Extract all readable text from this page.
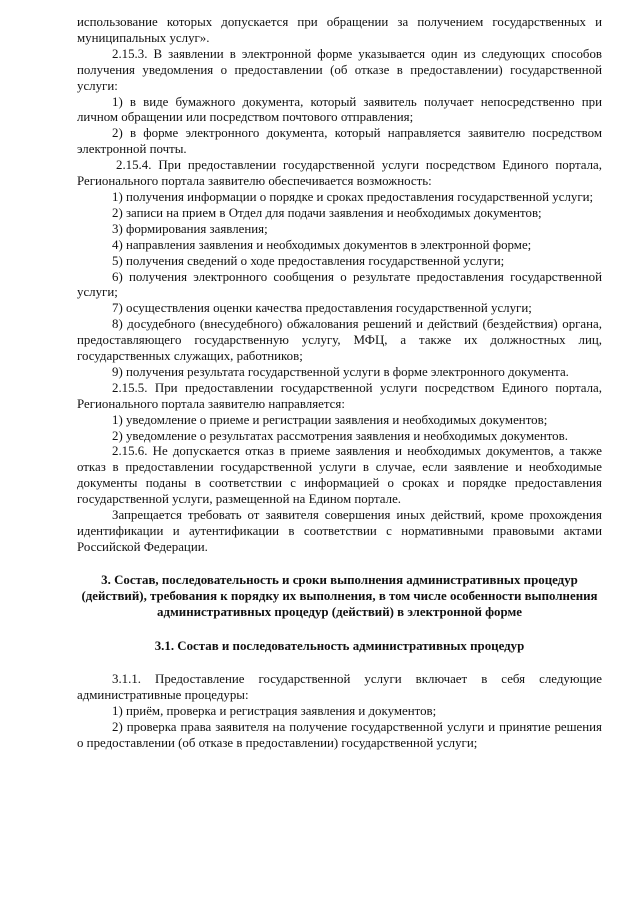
использование которых допускается при обращении за получением государственных и муниципальных услуг».

2.15.3. В заявлении в электронной форме указывается один из следующих способов получения уведомления о предоставлении (об отказе в предоставлении) государственной услуги:

1) в виде бумажного документа, который заявитель получает непосредственно при личном обращении или посредством почтового отправления;

2) в форме электронного документа, который направляется заявителю посредством электронной почты.

2.15.4. При предоставлении государственной услуги посредством Единого портала, Регионального портала заявителю обеспечивается возможность:

1) получения информации о порядке и сроках предоставления государственной услуги;

2) записи на прием в Отдел для подачи заявления и необходимых документов;

3) формирования заявления;

4) направления заявления и необходимых документов в электронной форме;

5) получения сведений о ходе предоставления государственной услуги;

6) получения электронного сообщения о результате предоставления государственной услуги;

7) осуществления оценки качества предоставления государственной услуги;

8) досудебного (внесудебного) обжалования решений и действий (бездействия) органа, предоставляющего государственную услугу, МФЦ, а также их должностных лиц, государственных служащих, работников;

9) получения результата государственной услуги в форме электронного документа.

2.15.5. При предоставлении государственной услуги посредством Единого портала, Регионального портала заявителю направляется:

1) уведомление о приеме и регистрации заявления и необходимых документов;

2) уведомление о результатах рассмотрения заявления и необходимых документов.

2.15.6. Не допускается отказ в приеме заявления и необходимых документов, а также отказ в предоставлении государственной услуги в случае, если заявление и необходимые документы поданы в соответствии с информацией о сроках и порядке предоставления государственной услуги, размещенной на Едином портале.

Запрещается требовать от заявителя совершения иных действий, кроме прохождения идентификации и аутентификации в соответствии с нормативными правовыми актами Российской Федерации.

3. Состав, последовательность и сроки выполнения административных процедур (действий), требования к порядку их выполнения, в том числе особенности выполнения административных процедур (действий) в электронной форме

3.1. Состав и последовательность административных процедур

3.1.1. Предоставление государственной услуги включает в себя следующие административные процедуры:

1) приём, проверка и регистрация заявления и документов;

2) проверка права заявителя на получение государственной услуги и принятие решения о предоставлении (об отказе в предоставлении) государственной услуги;
